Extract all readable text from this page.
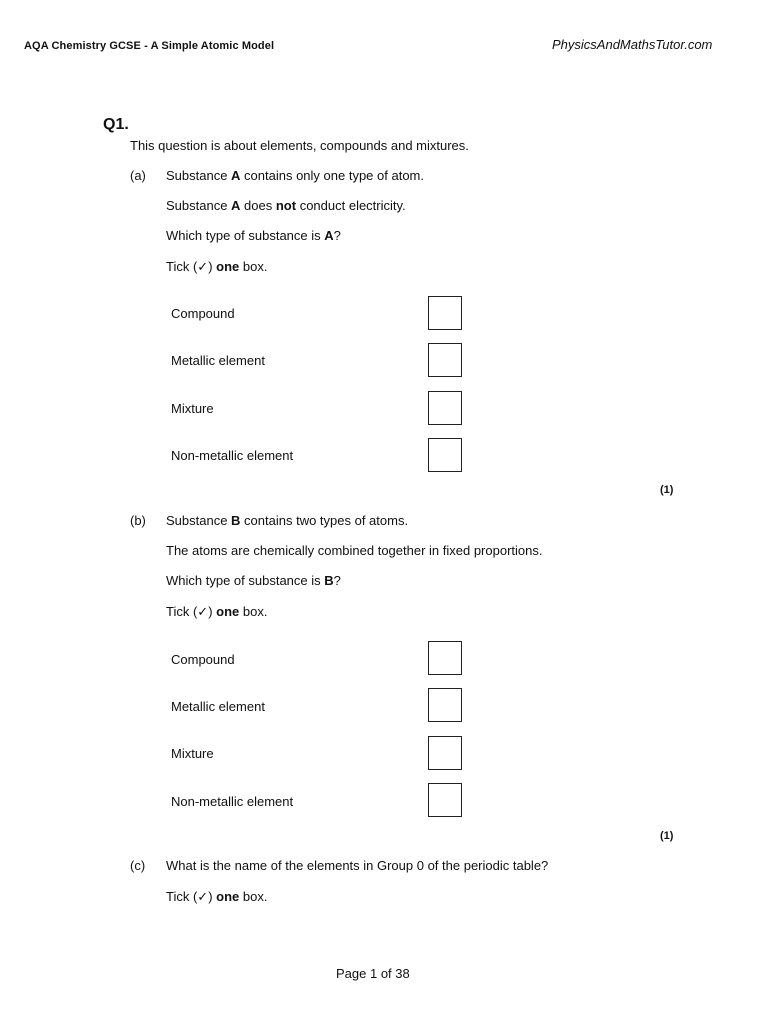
AQA Chemistry GCSE - A Simple Atomic Model	PhysicsAndMathsTutor.com
Q1.
This question is about elements, compounds and mixtures.
(a) Substance A contains only one type of atom.
Substance A does not conduct electricity.
Which type of substance is A?
Tick (✓) one box.
Compound
Metallic element
Mixture
Non-metallic element
(1)
(b) Substance B contains two types of atoms.
The atoms are chemically combined together in fixed proportions.
Which type of substance is B?
Tick (✓) one box.
Compound
Metallic element
Mixture
Non-metallic element
(1)
(c) What is the name of the elements in Group 0 of the periodic table?
Tick (✓) one box.
Page 1 of 38
